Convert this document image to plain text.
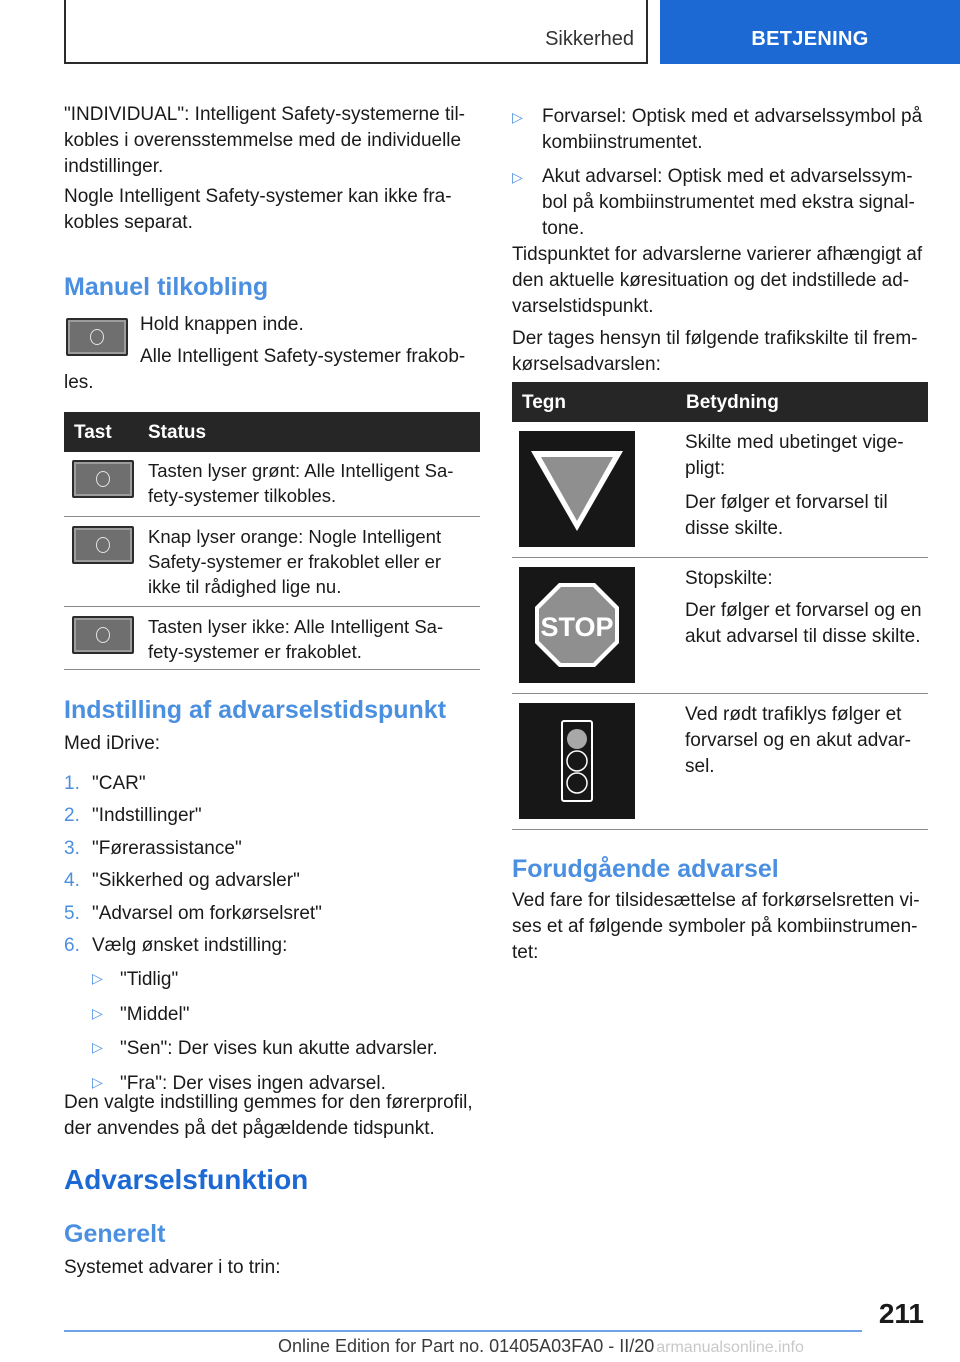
Sikkerhed	BETJENING
"INDIVIDUAL": Intelligent Safety-systemerne til-
kobles i overensstemmelse med de individuelle
indstillinger.
Nogle Intelligent Safety-systemer kan ikke fra-
kobles separat.
Manuel tilkobling
Hold knappen inde.
Alle Intelligent Safety-systemer frakob-
les.
Tast Status
Tasten lyser grønt: Alle Intelligent Sa-
fety-systemer tilkobles.
Knap lyser orange: Nogle Intelligent
Safety-systemer er frakoblet eller er
ikke til rådighed lige nu.
Tasten lyser ikke: Alle Intelligent Sa-
fety-systemer er frakoblet.
Indstilling af advarselstidspunkt
Med iDrive:
1. "CAR"
2. "Indstillinger"
3. "Førerassistance"
4. "Sikkerhed og advarsler"
5. "Advarsel om forkørselsret"
6. Vælg ønsket indstilling:
▷ "Tidlig"
▷ "Middel"
▷ "Sen": Der vises kun akutte advarsler.
▷ "Fra": Der vises ingen advarsel.
Den valgte indstilling gemmes for den førerprofil,
der anvendes på det pågældende tidspunkt.
Advarselsfunktion
Generelt
Systemet advarer i to trin:
▷	Forvarsel: Optisk med et advarselssymbol på
kombiinstrumentet.
▷	Akut advarsel: Optisk med et advarselssym-
bol på kombiinstrumentet med ekstra signal-
tone.
Tidspunktet for advarslerne varierer afhængigt af
den aktuelle køresituation og det indstillede ad-
varselstidspunkt.
Der tages hensyn til følgende trafikskilte til frem-
kørselsadvarslen:
Tegn	Betydning
Skilte med ubetinget vige-
pligt:
Der følger et forvarsel til
disse skilte.
STOP
Stopskilte:
Der følger et forvarsel og en
akut advarsel til disse skilte.
Ved rødt trafiklys følger et
forvarsel og en akut advar-
sel.
Forudgående advarsel
Ved fare for tilsidesættelse af forkørselsretten vi-
ses et af følgende symboler på kombiinstrumen-
tet:
211
Online Edition for Part no. 01405A03FA0 - II/20 armanualsonline.info
